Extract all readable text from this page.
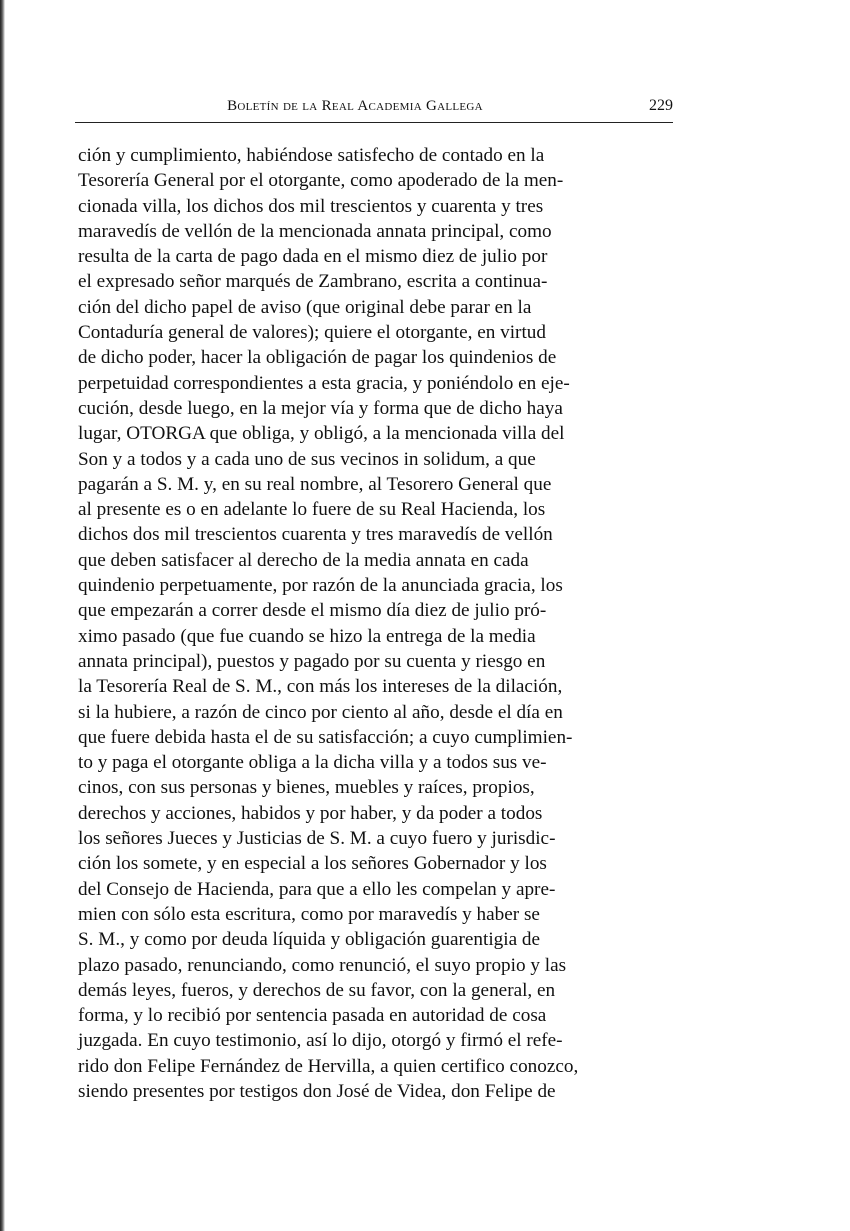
Boletín de la Real Academia Gallega	229
ción y cumplimiento, habiéndose satisfecho de contado en la
Tesorería General por el otorgante, como apoderado de la men-
cionada villa, los dichos dos mil trescientos y cuarenta y tres
maravedís de vellón de la mencionada annata principal, como
resulta de la carta de pago dada en el mismo diez de julio por
el expresado señor marqués de Zambrano, escrita a continua-
ción del dicho papel de aviso (que original debe parar en la
Contaduría general de valores); quiere el otorgante, en virtud
de dicho poder, hacer la obligación de pagar los quindenios de
perpetuidad correspondientes a esta gracia, y poniéndolo en eje-
cución, desde luego, en la mejor vía y forma que de dicho haya
lugar, OTORGA que obliga, y obligó, a la mencionada villa del
Son y a todos y a cada uno de sus vecinos in solidum, a que
pagarán a S. M. y, en su real nombre, al Tesorero General que
al presente es o en adelante lo fuere de su Real Hacienda, los
dichos dos mil trescientos cuarenta y tres maravedís de vellón
que deben satisfacer al derecho de la media annata en cada
quindenio perpetuamente, por razón de la anunciada gracia, los
que empezarán a correr desde el mismo día diez de julio pró-
ximo pasado (que fue cuando se hizo la entrega de la media
annata principal), puestos y pagado por su cuenta y riesgo en
la Tesorería Real de S. M., con más los intereses de la dilación,
si la hubiere, a razón de cinco por ciento al año, desde el día en
que fuere debida hasta el de su satisfacción; a cuyo cumplimien-
to y paga el otorgante obliga a la dicha villa y a todos sus ve-
cinos, con sus personas y bienes, muebles y raíces, propios,
derechos y acciones, habidos y por haber, y da poder a todos
los señores Jueces y Justicias de S. M. a cuyo fuero y jurisdic-
ción los somete, y en especial a los señores Gobernador y los
del Consejo de Hacienda, para que a ello les compelan y apre-
mien con sólo esta escritura, como por maravedís y haber se
S. M., y como por deuda líquida y obligación guarentigia de
plazo pasado, renunciando, como renunció, el suyo propio y las
demás leyes, fueros, y derechos de su favor, con la general, en
forma, y lo recibió por sentencia pasada en autoridad de cosa
juzgada. En cuyo testimonio, así lo dijo, otorgó y firmó el refe-
rido don Felipe Fernández de Hervilla, a quien certifico conozco,
siendo presentes por testigos don José de Videa, don Felipe de
